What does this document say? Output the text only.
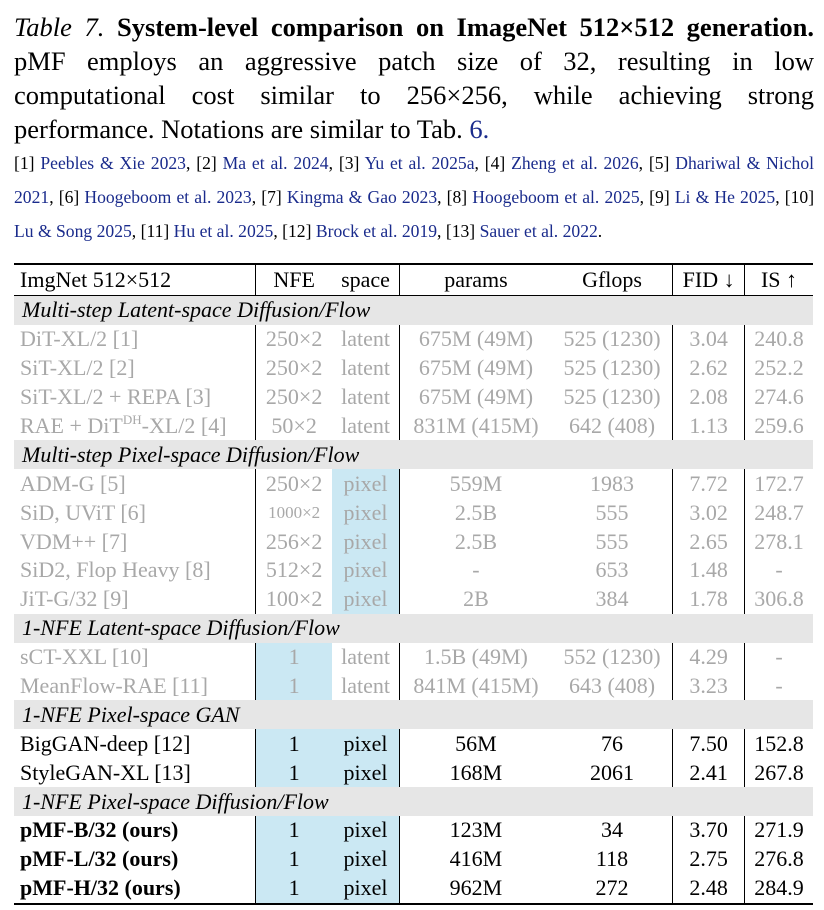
Table 7. System-level comparison on ImageNet 512×512 generation. pMF employs an aggressive patch size of 32, resulting in low computational cost similar to 256×256, while achieving strong performance. Notations are similar to Tab. 6.
[1] Peebles & Xie 2023, [2] Ma et al. 2024, [3] Yu et al. 2025a, [4] Zheng et al. 2026, [5] Dhariwal & Nichol 2021, [6] Hoogeboom et al. 2023, [7] Kingma & Gao 2023, [8] Hoogeboom et al. 2025, [9] Li & He 2025, [10] Lu & Song 2025, [11] Hu et al. 2025, [12] Brock et al. 2019, [13] Sauer et al. 2022.
ImgNet 512×512	NFE	space	params	Gflops	FID ↓	IS ↑
Multi-step Latent-space Diffusion/Flow						
DiT-XL/2 [1]	250×2	latent	675M (49M)	525 (1230)	3.04	240.8
SiT-XL/2 [2]	250×2	latent	675M (49M)	525 (1230)	2.62	252.2
SiT-XL/2 + REPA [3]	250×2	latent	675M (49M)	525 (1230)	2.08	274.6
RAE + DiT$^{DH}$-XL/2 [4]	50×2	latent	831M (415M)	642 (408)	1.13	259.6
Multi-step Pixel-space Diffusion/Flow						
ADM-G [5]	250×2	pixel	559M	1983	7.72	172.7
SiD, UViT [6]	1000×2	pixel	2.5B	555	3.02	248.7
VDM++ [7]	256×2	pixel	2.5B	555	2.65	278.1
SiD2, Flop Heavy [8]	512×2	pixel	-	653	1.48	-
JiT-G/32 [9]	100×2	pixel	2B	384	1.78	306.8
1-NFE Latent-space Diffusion/Flow						
sCT-XXL [10]	1	latent	1.5B (49M)	552 (1230)	4.29	-
MeanFlow-RAE [11]	1	latent	841M (415M)	643 (408)	3.23	-
1-NFE Pixel-space GAN						
BigGAN-deep [12]	1	pixel	56M	76	7.50	152.8
StyleGAN-XL [13]	1	pixel	168M	2061	2.41	267.8
1-NFE Pixel-space Diffusion/Flow						
pMF-B/32 (ours)	1	pixel	123M	34	3.70	271.9
pMF-L/32 (ours)	1	pixel	416M	118	2.75	276.8
pMF-H/32 (ours)	1	pixel	962M	272	2.48	284.9
